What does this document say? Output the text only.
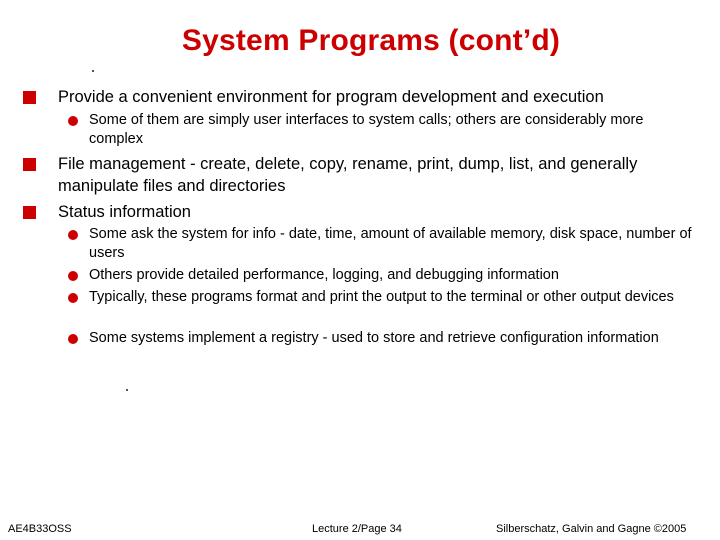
System Programs (cont’d)
Provide a convenient environment for program development and execution
Some of them are simply user interfaces to system calls; others are considerably more complex
File management - create, delete, copy, rename, print, dump, list, and generally manipulate files and directories
Status information
Some ask the system for info - date, time, amount of available memory, disk space, number of users
Others provide detailed performance, logging, and debugging information
Typically, these programs format and print the output to the terminal or other output devices
Some systems implement a registry - used to store and retrieve configuration information
AE4B33OSS	Lecture 2/Page 34	Silberschatz, Galvin and Gagne ©2005
